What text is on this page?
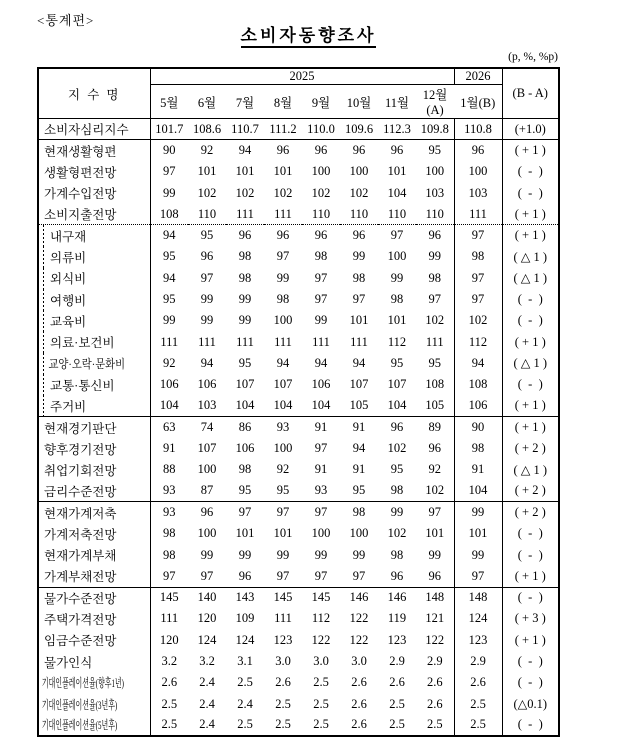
<통계편>
소비자동향조사
(p, %, %p)
지 수 명	2025								2026	(B - A)
	5월	6월	7월	8월	9월	10월	11월	12월(A)	1월(B)	

소비자심리지수	101.7	108.6	110.7	111.2	110.0	109.6	112.3	109.8	110.8	(+1.0)

현재생활형편	90	92	94	96	96	96	96	95	96	( + 1 )

생활형편전망	97	101	101	101	100	100	101	100	100	(  -  )

가계수입전망	99	102	102	102	102	102	104	103	103	(  -  )

소비지출전망	108	110	111	111	110	110	110	110	111	( + 1 )

내구재	94	95	96	96	96	96	97	96	97	( + 1 )

의류비	95	96	98	97	98	99	100	99	98	( △ 1 )

외식비	94	97	98	99	97	98	99	98	97	( △ 1 )

여행비	95	99	99	98	97	97	98	97	97	(  -  )

교육비	99	99	99	100	99	101	101	102	102	(  -  )

의료·보건비	111	111	111	111	111	111	112	111	112	( + 1 )

교양·오락·문화비	92	94	95	94	94	94	95	95	94	( △ 1 )

교통·통신비	106	106	107	107	106	107	107	108	108	(  -  )

주거비	104	103	104	104	104	105	104	105	106	( + 1 )

현재경기판단	63	74	86	93	91	91	96	89	90	( + 1 )

향후경기전망	91	107	106	100	97	94	102	96	98	( + 2 )

취업기회전망	88	100	98	92	91	91	95	92	91	( △ 1 )

금리수준전망	93	87	95	95	93	95	98	102	104	( + 2 )

현재가계저축	93	96	97	97	97	98	99	97	99	( + 2 )

가계저축전망	98	100	101	101	100	100	102	101	101	(  -  )

현재가계부채	98	99	99	99	99	99	98	99	99	(  -  )

가계부채전망	97	97	96	97	97	97	96	96	97	( + 1 )

물가수준전망	145	140	143	145	145	146	146	148	148	(  -  )

주택가격전망	111	120	109	111	112	122	119	121	124	( + 3 )

임금수준전망	120	124	124	123	122	122	123	122	123	( + 1 )

물가인식	3.2	3.2	3.1	3.0	3.0	3.0	2.9	2.9	2.9	(  -  )

기대인플레이션율(향후1년)	2.6	2.4	2.5	2.6	2.5	2.6	2.6	2.6	2.6	(  -  )

기대인플레이션율(3년후)	2.5	2.4	2.4	2.5	2.5	2.6	2.5	2.6	2.5	(△0.1)

기대인플레이션율(5년후)	2.5	2.4	2.5	2.5	2.5	2.6	2.5	2.5	2.5	(  -  )
